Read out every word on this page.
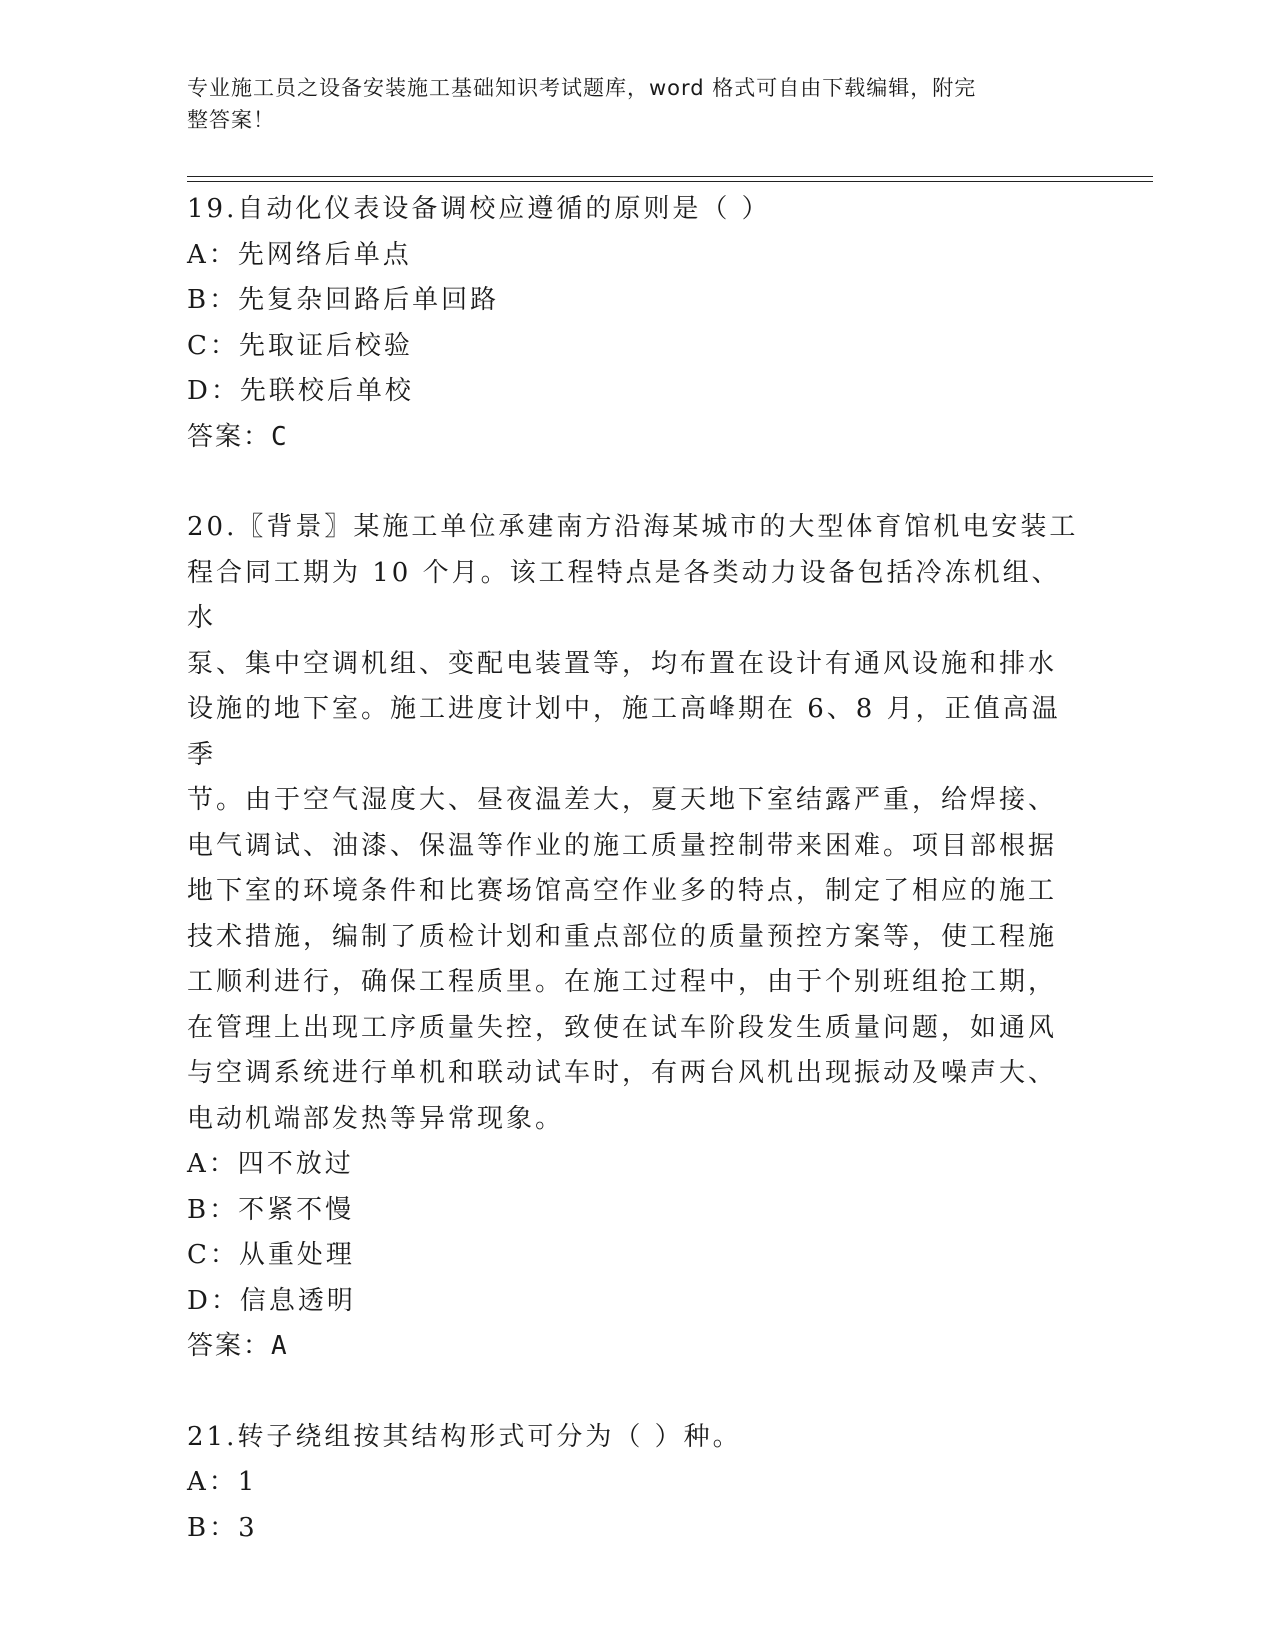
专业施工员之设备安装施工基础知识考试题库，word 格式可自由下载编辑，附完
整答案！

19.自动化仪表设备调校应遵循的原则是（ ）

A：先网络后单点

B：先复杂回路后单回路

C：先取证后校验

D：先联校后单校

答案：C

20.〖背景〗某施工单位承建南方沿海某城市的大型体育馆机电安装工

程合同工期为 10 个月。该工程特点是各类动力设备包括冷冻机组、水

泵、集中空调机组、变配电装置等，均布置在设计有通风设施和排水

设施的地下室。施工进度计划中，施工高峰期在 6、8 月，正值高温季

节。由于空气湿度大、昼夜温差大，夏天地下室结露严重，给焊接、

电气调试、油漆、保温等作业的施工质量控制带来困难。项目部根据

地下室的环境条件和比赛场馆高空作业多的特点，制定了相应的施工

技术措施，编制了质检计划和重点部位的质量预控方案等，使工程施

工顺利进行，确保工程质里。在施工过程中，由于个别班组抢工期，

在管理上出现工序质量失控，致使在试车阶段发生质量问题，如通风

与空调系统进行单机和联动试车时，有两台风机出现振动及噪声大、

电动机端部发热等异常现象。

A：四不放过

B：不紧不慢

C：从重处理

D：信息透明

答案：A

21.转子绕组按其结构形式可分为（ ）种。

A：1

B：3
